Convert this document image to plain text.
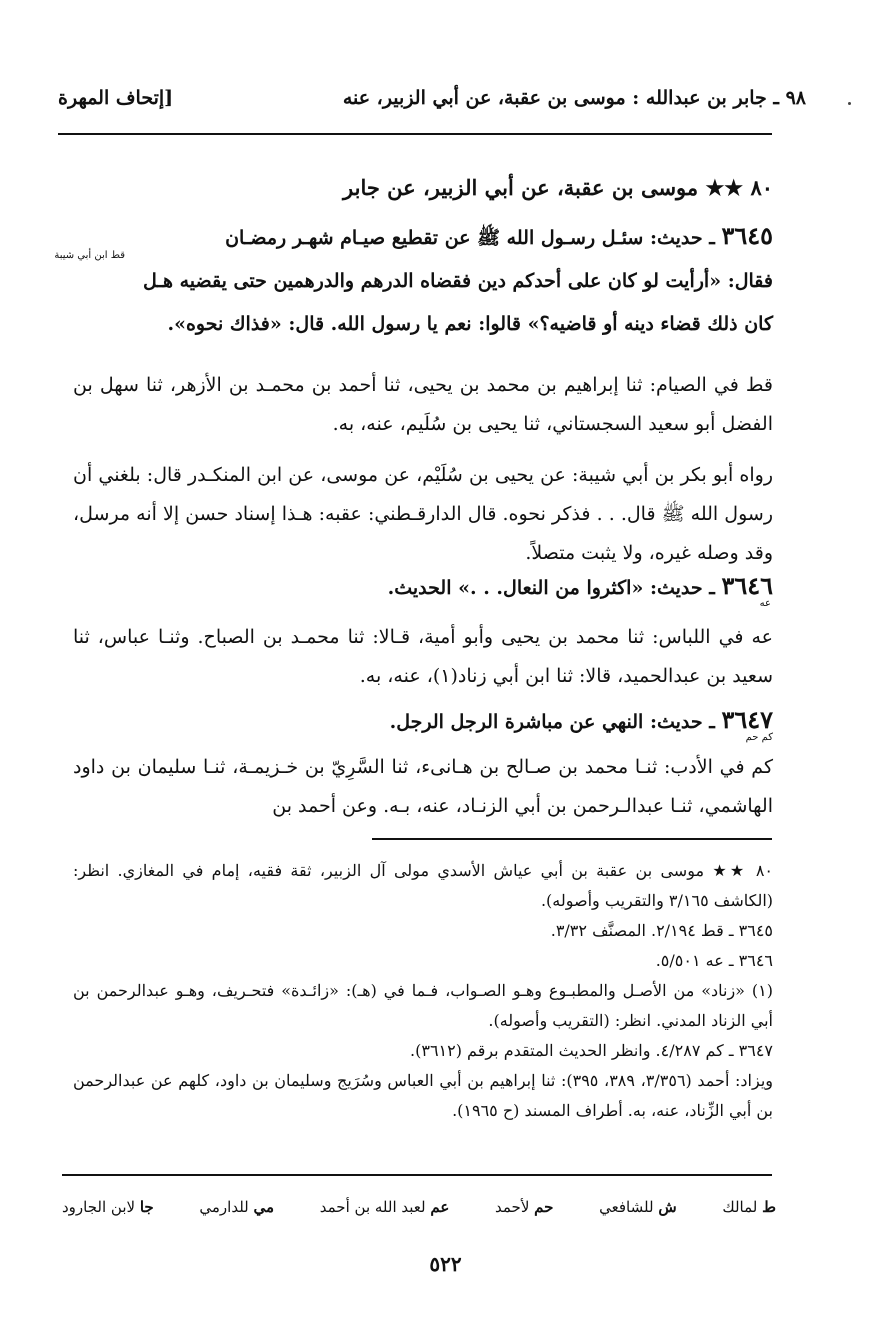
[إتحاف المهرة	٩٨ ـ جابر بن عبدالله : موسى بن عقبة، عن أبي الزبير، عنه
٨٠ ★★ موسى بن عقبة، عن أبي الزبير، عن جابر
٣٦٤٥ ـ حديث: سئـل رسـول الله ﷺ عن تقطيع صيـام شهـر رمضـان
فقال: «أرأيت لو كان على أحدكم دين فقضاه الدرهم والدرهمين حتى يقضيه هـل
كان ذلك قضاء دينه أو قاضيه؟» قالوا: نعم يا رسول الله. قال: «فذاك نحوه».
قط ابن أبي شيبة
قط في الصيام: ثنا إبراهيم بن محمد بن يحيى، ثنا أحمد بن محمـد بن الأزهر، ثنا سهل بن الفضل أبو سعيد السجستاني، ثنا يحيى بن سُلَيم، عنه، به.
رواه أبو بكر بن أبي شيبة: عن يحيى بن سُلَيْم، عن موسى، عن ابن المنكـدر قال: بلغني أن رسول الله ﷺ قال. . . فذكر نحوه. قال الدارقـطني: عقبه: هـذا إسناد حسن إلا أنه مرسل، وقد وصله غيره، ولا يثبت متصلاً.
٣٦٤٦ ـ حديث: «اكثروا من النعال. . .» الحديث.
عه
عه في اللباس: ثنا محمد بن يحيى وأبو أمية، قـالا: ثنا محمـد بن الصباح. وثنـا عباس، ثنا سعيد بن عبدالحميد، قالا: ثنا ابن أبي زناد(١)، عنه، به.
٣٦٤٧ ـ حديث: النهي عن مباشرة الرجل الرجل.
كم حم
كم في الأدب: ثنـا محمد بن صـالح بن هـانىء، ثنا السَّرِيّ بن خـزيمـة، ثنـا سليمان بن داود الهاشمي، ثنـا عبدالـرحمن بن أبي الزنـاد، عنه، بـه. وعن أحمد بن

٨٠ ★★ موسى بن عقبة بن أبي عياش الأسدي مولى آل الزبير، ثقة فقيه، إمام في المغازي. انظر: (الكاشف ٣/١٦٥ والتقريب وأصوله).

٣٦٤٥ ـ قط ٢/١٩٤. المصنَّف ٣/٣٢.

٣٦٤٦ ـ عه ٥/٥٠١.

(١) «زناد» من الأصـل والمطبـوع وهـو الصـواب، فـما في (هـ): «زائـدة» فتحـريف، وهـو عبدالرحمن بن أبي الزناد المدني. انظر: (التقريب وأصوله).

٣٦٤٧ ـ كم ٤/٢٨٧. وانظر الحديث المتقدم برقم (٣٦١٢).

ويزاد: أحمد (٣/٣٥٦، ٣٨٩، ٣٩٥): ثنا إبراهيم بن أبي العباس وسُرَيج وسليمان بن داود، كلهم عن عبدالرحمن بن أبي الزِّناد، عنه، به. أطراف المسند (ح ١٩٦٥).

ط لمالك
ش للشافعي
حم لأحمد
عم لعبد الله بن أحمد
مي للدارمي
جا لابن الجارود
٥٢٢
